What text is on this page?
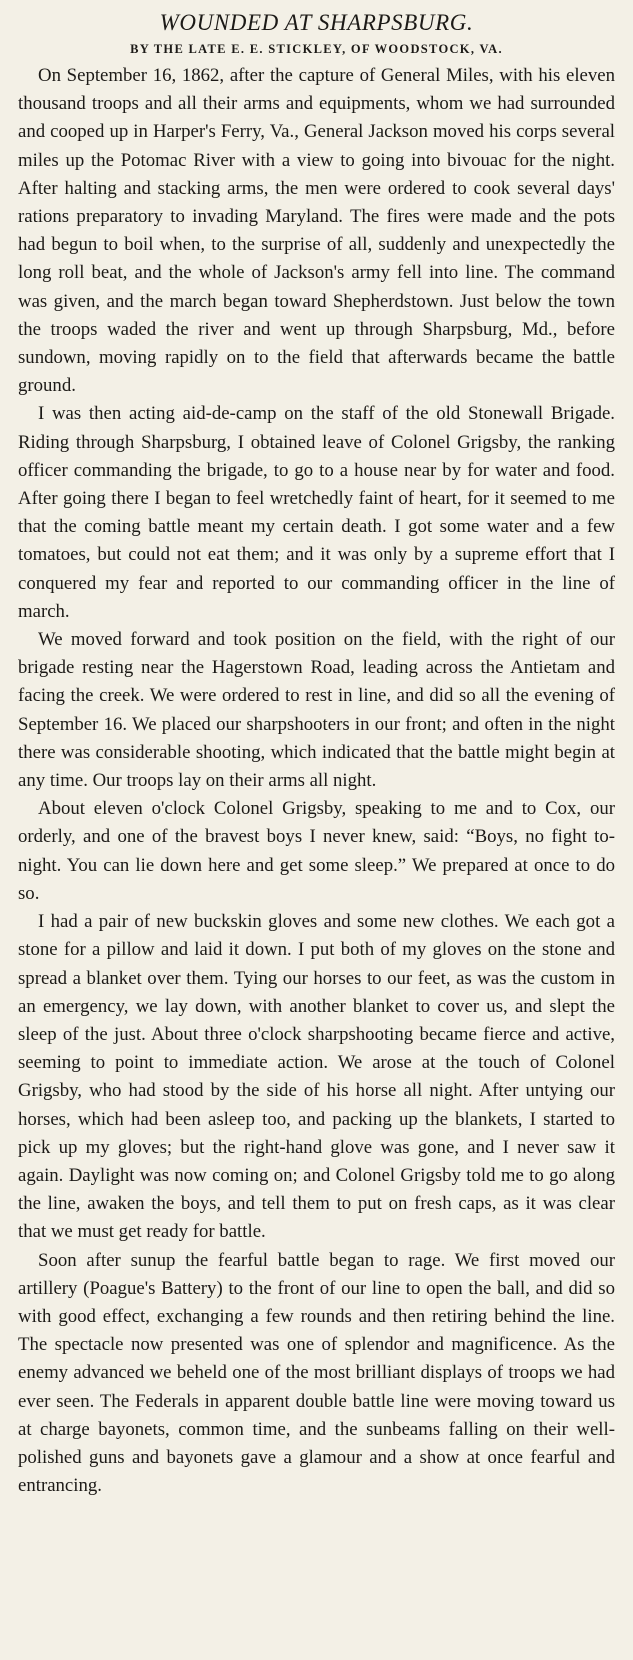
WOUNDED AT SHARPSBURG.
BY THE LATE E. E. STICKLEY, OF WOODSTOCK, VA.

On September 16, 1862, after the capture of General Miles, with his eleven thousand troops and all their arms and equipments, whom we had surrounded and cooped up in Harper's Ferry, Va., General Jackson moved his corps several miles up the Potomac River with a view to going into bivouac for the night. After halting and stacking arms, the men were ordered to cook several days' rations preparatory to invading Maryland. The fires were made and the pots had begun to boil when, to the surprise of all, suddenly and unexpectedly the long roll beat, and the whole of Jackson's army fell into line. The command was given, and the march began toward Shepherdstown. Just below the town the troops waded the river and went up through Sharpsburg, Md., before sundown, moving rapidly on to the field that afterwards became the battle ground.

I was then acting aid-de-camp on the staff of the old Stonewall Brigade. Riding through Sharpsburg, I obtained leave of Colonel Grigsby, the ranking officer commanding the brigade, to go to a house near by for water and food. After going there I began to feel wretchedly faint of heart, for it seemed to me that the coming battle meant my certain death. I got some water and a few tomatoes, but could not eat them; and it was only by a supreme effort that I conquered my fear and reported to our commanding officer in the line of march.

We moved forward and took position on the field, with the right of our brigade resting near the Hagerstown Road, leading across the Antietam and facing the creek. We were ordered to rest in line, and did so all the evening of September 16. We placed our sharpshooters in our front; and often in the night there was considerable shooting, which indicated that the battle might begin at any time. Our troops lay on their arms all night.

About eleven o'clock Colonel Grigsby, speaking to me and to Cox, our orderly, and one of the bravest boys I never knew, said: “Boys, no fight to-night. You can lie down here and get some sleep.” We prepared at once to do so.

I had a pair of new buckskin gloves and some new clothes. We each got a stone for a pillow and laid it down. I put both of my gloves on the stone and spread a blanket over them. Tying our horses to our feet, as was the custom in an emergency, we lay down, with another blanket to cover us, and slept the sleep of the just. About three o'clock sharpshooting became fierce and active, seeming to point to immediate action. We arose at the touch of Colonel Grigsby, who had stood by the side of his horse all night. After untying our horses, which had been asleep too, and packing up the blankets, I started to pick up my gloves; but the right-hand glove was gone, and I never saw it again. Daylight was now coming on; and Colonel Grigsby told me to go along the line, awaken the boys, and tell them to put on fresh caps, as it was clear that we must get ready for battle.

Soon after sunup the fearful battle began to rage. We first moved our artillery (Poague's Battery) to the front of our line to open the ball, and did so with good effect, exchanging a few rounds and then retiring behind the line. The spectacle now presented was one of splendor and magnificence. As the enemy advanced we beheld one of the most brilliant displays of troops we had ever seen. The Federals in apparent double battle line were moving toward us at charge bayonets, common time, and the sunbeams falling on their well-polished guns and bayonets gave a glamour and a show at once fearful and entrancing.
